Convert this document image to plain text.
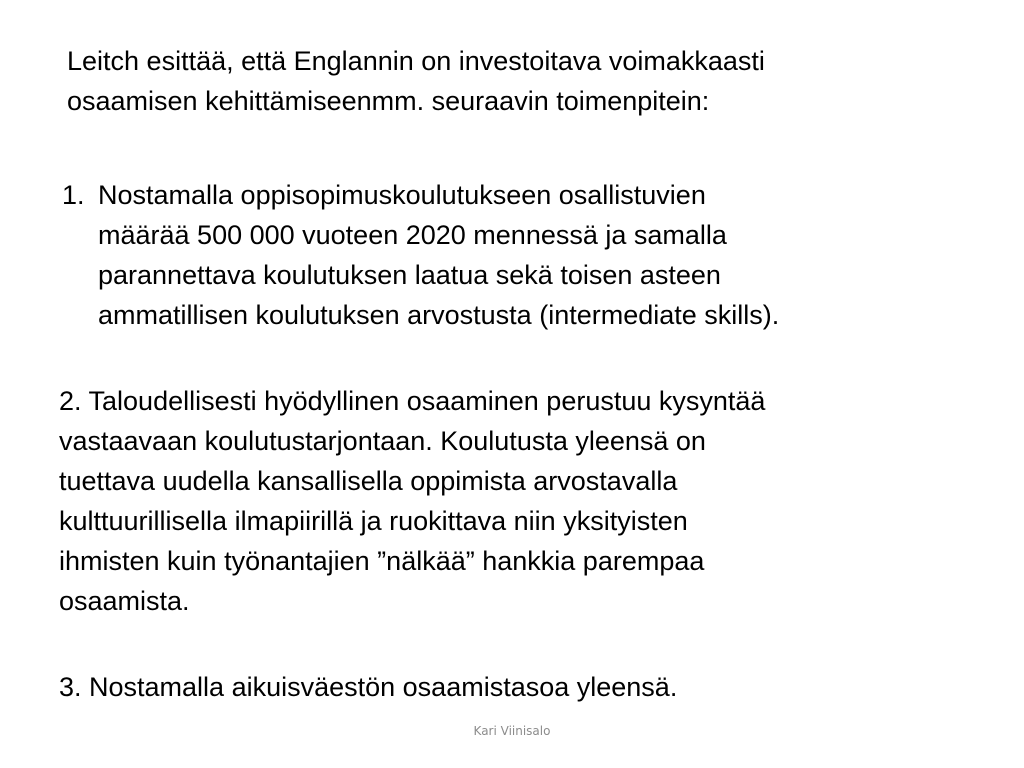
Leitch esittää, että Englannin on investoitava voimakkaasti
osaamisen kehittämiseenmm. seuraavin toimenpitein:
1. Nostamalla oppisopimuskoulutukseen osallistuvien
määrää 500 000 vuoteen 2020 mennessä ja samalla
parannettava koulutuksen laatua sekä toisen asteen
ammatillisen koulutuksen arvostusta (intermediate skills).
2. Taloudellisesti hyödyllinen osaaminen perustuu kysyntää
vastaavaan koulutustarjontaan. Koulutusta yleensä on
tuettava uudella kansallisella oppimista arvostavalla
kulttuurillisella ilmapiirillä ja ruokittava niin yksityisten
ihmisten kuin työnantajien ”nälkää” hankkia parempaa
osaamista.
3. Nostamalla aikuisväestön osaamistasoa yleensä.
Kari Viinisalo
